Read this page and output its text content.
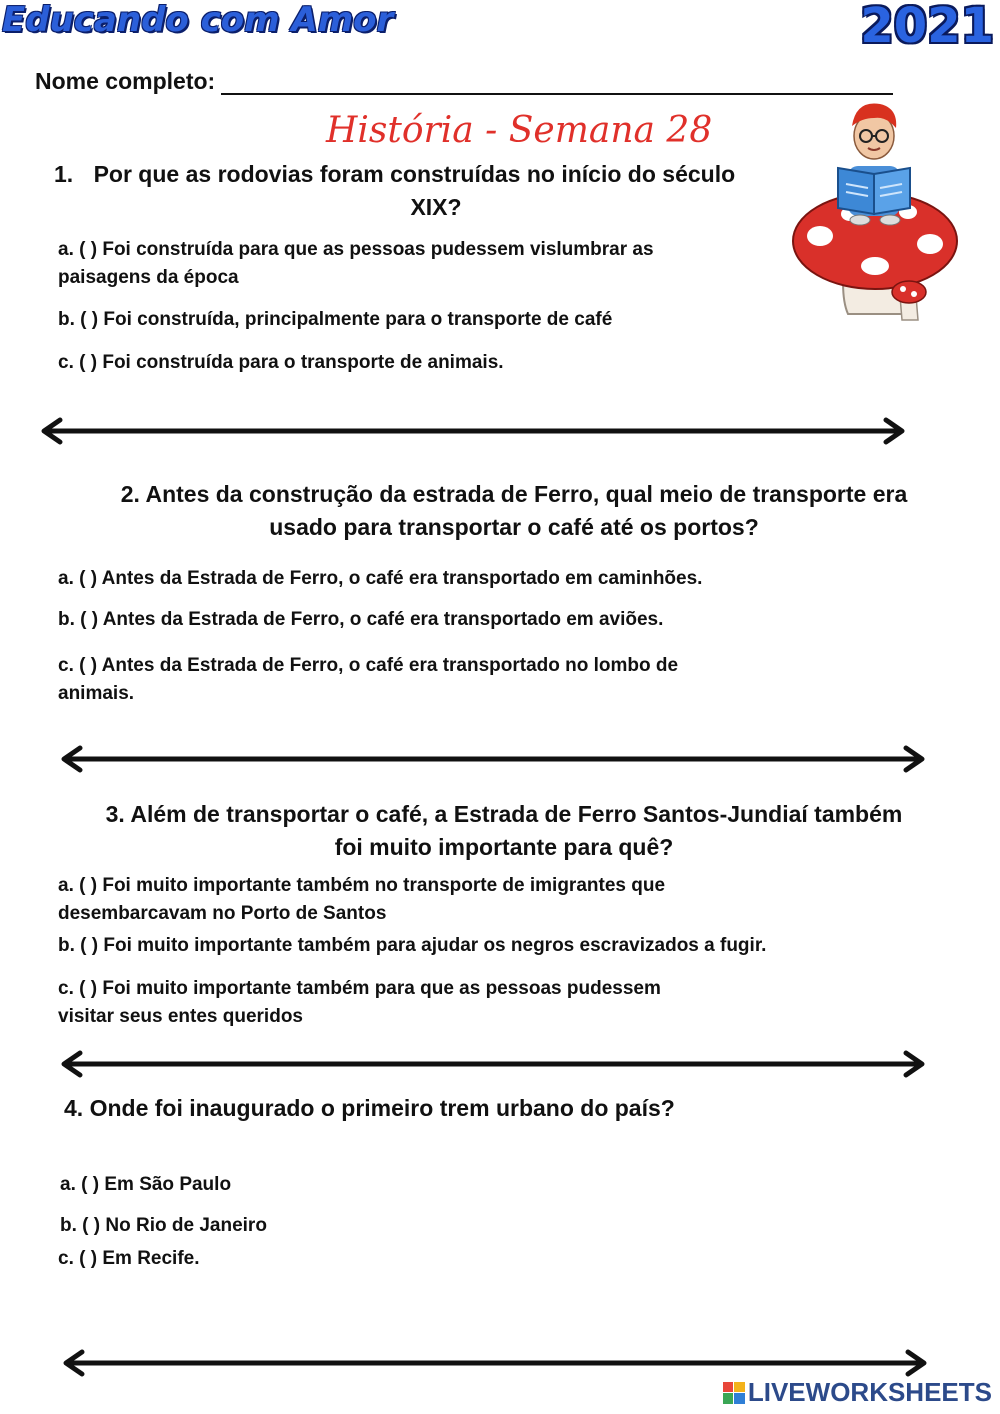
Educando com Amor	2021
Nome completo:
História - Semana 28
1. Por que as rodovias foram construídas no início do século
XIX?
a. ( ) Foi construída para que as pessoas pudessem vislumbrar as
paisagens da época
b. ( ) Foi construída, principalmente para o transporte de café
c. ( ) Foi construída para o transporte de animais.
2. Antes da construção da estrada de Ferro, qual meio de transporte era
usado para transportar o café até os portos?
a. ( ) Antes da Estrada de Ferro, o café era transportado em caminhões.
b. ( ) Antes da Estrada de Ferro, o café era transportado em aviões.
c. ( ) Antes da Estrada de Ferro, o café era transportado no lombo de
animais.
3. Além de transportar o café, a Estrada de Ferro Santos-Jundiaí também
foi muito importante para quê?
a. ( ) Foi muito importante também no transporte de imigrantes que
desembarcavam no Porto de Santos
b. ( ) Foi muito importante também para ajudar os negros escravizados a fugir.
c. ( ) Foi muito importante também para que as pessoas pudessem
visitar seus entes queridos
4. Onde foi inaugurado o primeiro trem urbano do país?
a. ( ) Em São Paulo
b. ( ) No Rio de Janeiro
c. ( ) Em Recife.
LIVEWORKSHEETS
